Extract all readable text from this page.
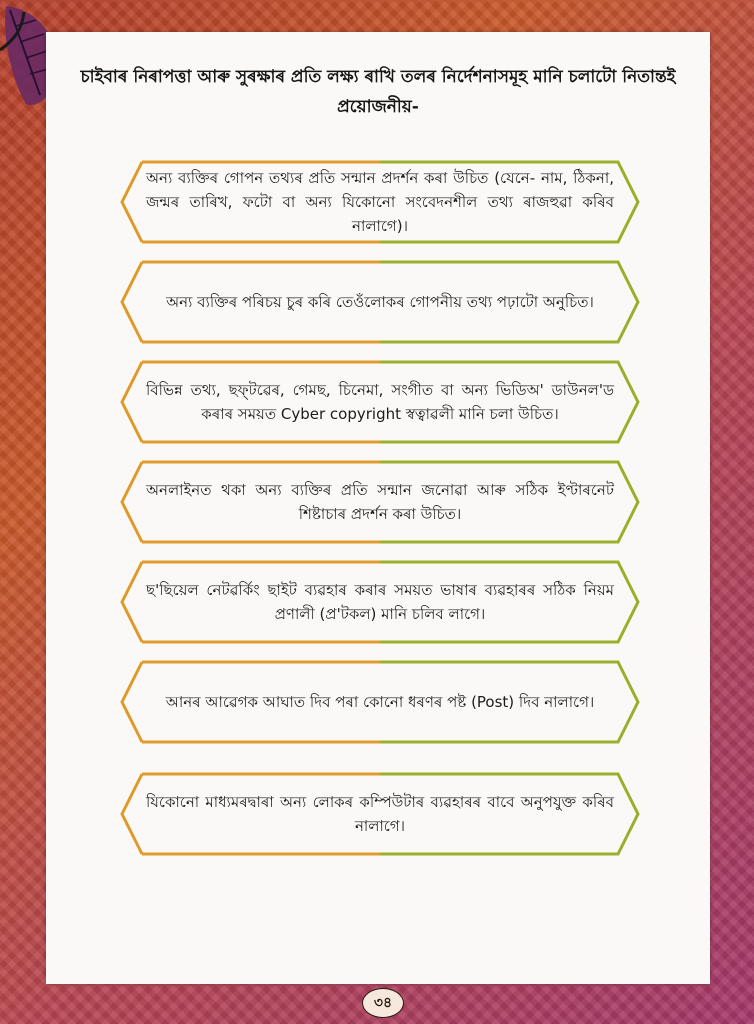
চাইবাৰ নিৰাপত্তা আৰু সুৰক্ষাৰ প্ৰতি লক্ষ্য ৰাখি তলৰ নিৰ্দেশনাসমূহ মানি চলাটো নিতান্তই প্ৰয়োজনীয়-
অন্য ব্যক্তিৰ গোপন তথ্যৰ প্ৰতি সন্মান প্ৰদৰ্শন কৰা উচিত (যেনে- নাম, ঠিকনা, জন্মৰ তাৰিখ, ফটো বা অন্য যিকোনো সংবেদনশীল তথ্য ৰাজহুৱা কৰিব নালাগে)।
অন্য ব্যক্তিৰ পৰিচয় চুৰ কৰি তেওঁলোকৰ গোপনীয় তথ্য পঢ়াটো অনুচিত।
বিভিন্ন তথ্য, ছফ্‌টৱেৰ, গেমছ, চিনেমা, সংগীত বা অন্য ভিডিঅ' ডাউনল'ড কৰাৰ সময়ত Cyber copyright স্বত্বাৱলী মানি চলা উচিত।
অনলাইনত থকা অন্য ব্যক্তিৰ প্ৰতি সন্মান জনোৱা আৰু সঠিক ইণ্টাৰনেট শিষ্টাচাৰ প্ৰদৰ্শন কৰা উচিত।
ছ'ছিয়েল নেটৱৰ্কিং ছাইট ব্যৱহাৰ কৰাৰ সময়ত ভাষাৰ ব্যৱহাৰৰ সঠিক নিয়ম প্ৰণালী (প্ৰ'টকল) মানি চলিব লাগে।
আনৰ আৱেগক আঘাত দিব পৰা কোনো ধৰণৰ পষ্ট (Post) দিব নালাগে।
যিকোনো মাধ্যমৰদ্বাৰা অন্য লোকৰ কম্পিউটাৰ ব্যৱহাৰৰ বাবে অনুপযুক্ত কৰিব নালাগে।
৩৪
